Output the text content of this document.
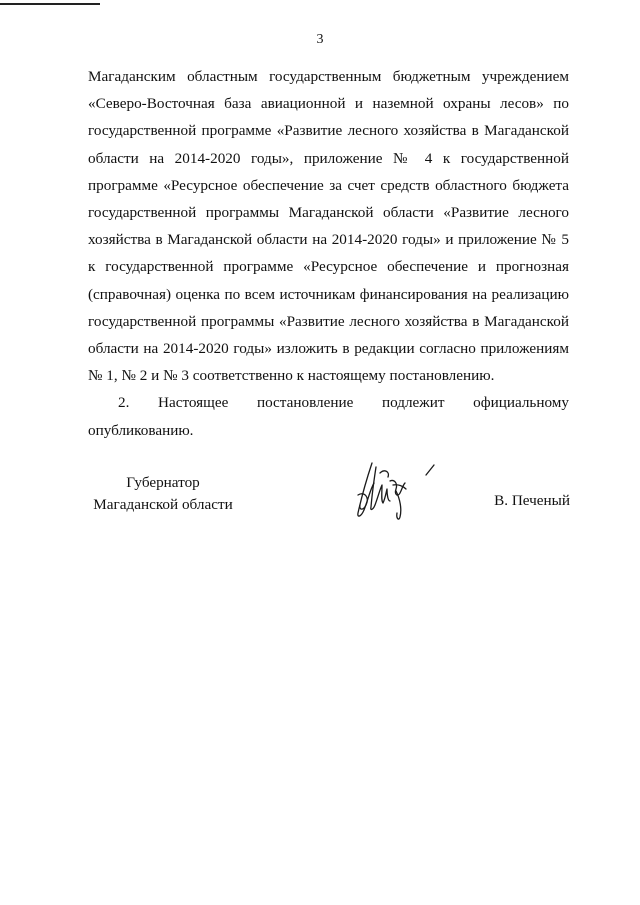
3

Магаданским областным государственным бюджетным учреждением «Северо-Восточная база авиационной и наземной охраны лесов» по государственной программе «Развитие лесного хозяйства в Магаданской области на 2014-2020 годы», приложение № 4 к государственной программе «Ресурсное обеспечение за счет средств областного бюджета государственной программы Магаданской области «Развитие лесного хозяйства в Магаданской области на 2014-2020 годы» и приложение № 5 к государственной программе «Ресурсное обеспечение и прогнозная (справочная) оценка по всем источникам финансирования на реализацию государственной программы «Развитие лесного хозяйства в Магаданской области на 2014-2020 годы» изложить в редакции согласно приложениям № 1, № 2 и № 3 соответственно к настоящему постановлению.

2. Настоящее постановление подлежит официальному опубликованию.

Губернатор
Магаданской области	В. Печеный
